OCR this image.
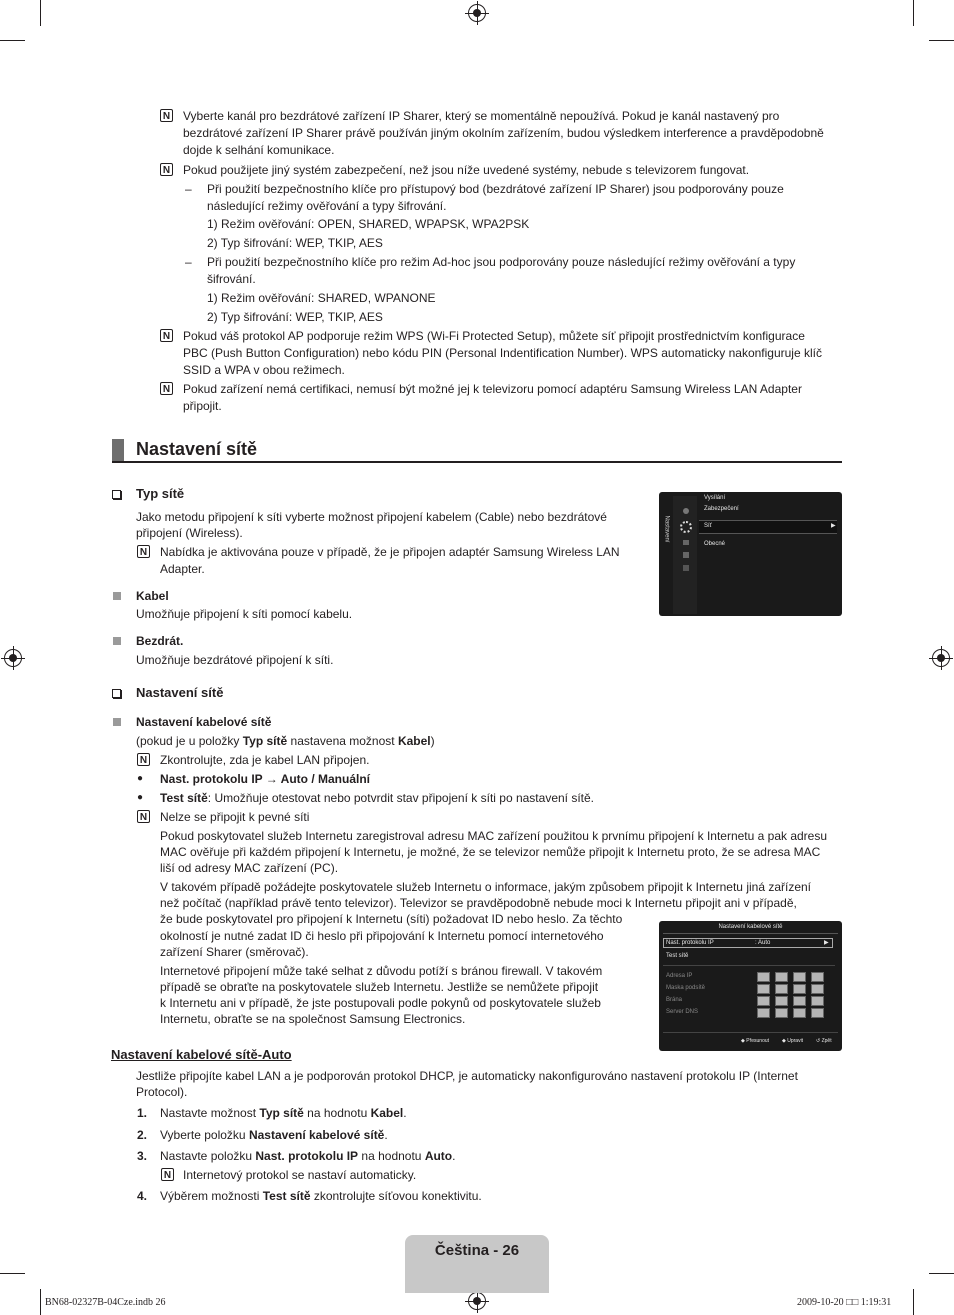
N Vyberte kanál pro bezdrátové zařízení IP Sharer, který se momentálně nepoužívá. Pokud je kanál nastavený pro
bezdrátové zařízení IP Sharer právě používán jiným okolním zařízením, budou výsledkem interference a pravděpodobně
dojde k selhání komunikace.
N Pokud použijete jiný systém zabezpečení, než jsou níže uvedené systémy, nebude s televizorem fungovat.
– Při použití bezpečnostního klíče pro přístupový bod (bezdrátové zařízení IP Sharer) jsou podporovány pouze
následující režimy ověřování a typy šifrování.
1) Režim ověřování: OPEN, SHARED, WPAPSK, WPA2PSK
2) Typ šifrování: WEP, TKIP, AES
– Při použití bezpečnostního klíče pro režim Ad-hoc jsou podporovány pouze následující režimy ověřování a typy
šifrování.
1) Režim ověřování: SHARED, WPANONE
2) Typ šifrování: WEP, TKIP, AES
N Pokud váš protokol AP podporuje režim WPS (Wi-Fi Protected Setup), můžete síť připojit prostřednictvím konfigurace
PBC (Push Button Configuration) nebo kódu PIN (Personal Indentification Number). WPS automaticky nakonfiguruje klíč
SSID a WPA v obou režimech.
N Pokud zařízení nemá certifikaci, nemusí být možné jej k televizoru pomocí adaptéru Samsung Wireless LAN Adapter
připojit.
Nastavení sítě
Typ sítě
Jako metodu připojení k síti vyberte možnost připojení kabelem (Cable) nebo bezdrátové
připojení (Wireless).
N Nabídka je aktivována pouze v případě, že je připojen adaptér Samsung Wireless LAN
Adapter.
Kabel
Umožňuje připojení k síti pomocí kabelu.
Bezdrát.
Umožňuje bezdrátové připojení k síti.
Nastavení
Vysílání
Zabezpečení
Síť	▶
Obecné
Nastavení sítě
Nastavení kabelové sítě
(pokud je u položky Typ sítě nastavena možnost Kabel)
N Zkontrolujte, zda je kabel LAN připojen.
● Nast. protokolu IP → Auto / Manuální
● Test sítě: Umožňuje otestovat nebo potvrdit stav připojení k síti po nastavení sítě.
N Nelze se připojit k pevné síti
Pokud poskytovatel služeb Internetu zaregistroval adresu MAC zařízení použitou k prvnímu připojení k Internetu a pak adresu
MAC ověřuje při každém připojení k Internetu, je možné, že se televizor nemůže připojit k Internetu proto, že se adresa MAC
liší od adresy MAC zařízení (PC).
V takovém případě požádejte poskytovatele služeb Internetu o informace, jakým způsobem připojit k Internetu jiná zařízení
než počítač (například právě tento televizor). Televizor se pravděpodobně nebude moci k Internetu připojit ani v případě,
že bude poskytovatel pro připojení k Internetu (síti) požadovat ID nebo heslo. Za těchto
okolností je nutné zadat ID či heslo při připojování k Internetu pomocí internetového
zařízení Sharer (směrovač).
Internetové připojení může také selhat z důvodu potíží s bránou firewall. V takovém
případě se obraťte na poskytovatele služeb Internetu. Jestliže se nemůžete připojit
k Internetu ani v případě, že jste postupovali podle pokynů od poskytovatele služeb
Internetu, obraťte se na společnost Samsung Electronics.
Nastavení kabelové sítě
Nast. protokolu IP	: Auto	▶
Test sítě
Adresa IP
Maska podsítě
Brána
Server DNS
◆ Přesunout	◆ Upravit	↺ Zpět
Nastavení kabelové sítě-Auto
Jestliže připojíte kabel LAN a je podporován protokol DHCP, je automaticky nakonfigurováno nastavení protokolu IP (Internet
Protocol).
1. Nastavte možnost Typ sítě na hodnotu Kabel.
2. Vyberte položku Nastavení kabelové sítě.
3. Nastavte položku Nast. protokolu IP na hodnotu Auto.
N Internetový protokol se nastaví automaticky.
4. Výběrem možnosti Test sítě zkontrolujte síťovou konektivitu.
Čeština - 26
BN68-02327B-04Cze.indb 26	2009-10-20 □□ 1:19:31
